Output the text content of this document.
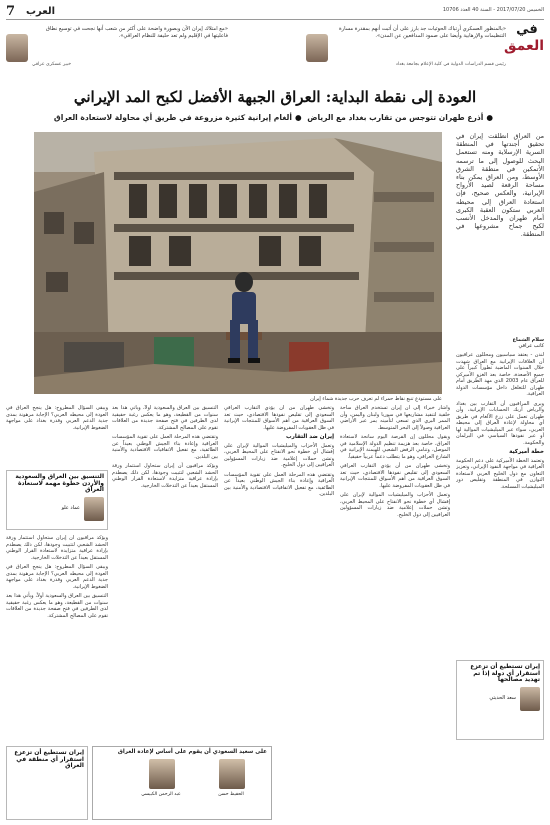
7 العرب	الخميس 2017/07/20 - السنة 40 العدد 10706
في
العمق
«بالمنظور العسكري أرتباك الحوثيات جد بارز على أن أثبت أنهم بمقدرة مسارة التنظيمات والإرهابية وأيضا على صمود المدافعين عن المدن».
رئيس قسم الدراسات الدولية في كلية الإعلام بجامعة بغداد
«مع امتلاك إيران الأن وبصورة واضحة على أكثر من شعب أنها نجحت في توسيع نطاق فاعليتها في الإقليم ولم تعد حليفة للنظام العراقي».
خبير عسكري عراقي
العودة إلى نقطة البداية: العراق الجبهة الأفضل لكبح المد الإيراني
●أذرع طهران تتوجس من تقارب بغداد مع الرياض ●ألغام إيرانية كثيرة مزروعة في طريق أي محاولة لاستعادة العراق
على مستودع تنبع نقاط حمراء لم تعرف حرب جديدة شماء إيران

من العراق انطلقت إيران في تحقيق أجندتها في المنطقة السرية الإرسلاية ومنه تستعمل البحث للوصول إلى ما ترسمه الأتمكين في منطقة الشرق الأوسط، ومن العراق يمكن بناء مساحة الرقعة لصيد الأرواح الإيرانية، والعكس صحيح، فإن استعادة العراق إلى محيطه العربي ستكون العقبة الكبرى أمام طهران والمدخل الأنسب لكبح جماح مشروعها في المنطقة.

سلام الشماع
كاتب عراقي

لندن - يعتقد سياسيون ومحللون عراقيون أن العلاقات الإيرانية مع العراق شهدت خلال السنوات الماضية تطوراً كبيراً على جميع الأصعدة، خاصة بعد الغزو الأميركي للعراق عام 2003 الذي مهد الطريق أمام طهران للتغلغل داخل مؤسسات الدولة العراقية.

ويرى المراقبون أن التقارب بين بغداد والرياض أربك الحسابات الإيرانية، وأن طهران تعمل على زرع الألغام في طريق أي محاولة لإعادة العراق إلى محيطه العربي، سواء عبر الميليشيات الموالية لها أو عبر نفوذها السياسي في البرلمان والحكومة.

خطة أميركية

وتعتمد الخطة الأميركية على دعم الحكومة العراقية في مواجهة النفوذ الإيراني، وتعزيز التعاون مع دول الخليج العربي لاستعادة التوازن في المنطقة وتقليص دور الميليشيات المسلحة.

إيران تستطيع أن تزعزع استقرار أي دولة إذا تم تهديد مصالحها
سعد الحديثي

وأشار خبراء إلى أن إيران تستخدم العراق ساحة خلفية لتنفيذ مشاريعها في سوريا ولبنان واليمن، وأن الممر البري الذي تسعى لتأمينه يمر عبر الأراضي العراقية وصولاً إلى البحر المتوسط.

ويقول محللون إن الفرصة اليوم سانحة لاستعادة العراق، خاصة بعد هزيمة تنظيم الدولة الإسلامية في الموصل، وتنامي الرفض الشعبي للهيمنة الإيرانية في الشارع العراقي، وهو ما يتطلب دعماً عربياً حقيقياً.

وتخشى طهران من أن يؤدي التقارب العراقي السعودي إلى تقليص نفوذها الاقتصادي، حيث تعد السوق العراقية من أهم الأسواق للمنتجات الإيرانية في ظل العقوبات المفروضة عليها.

وتعمل الأحزاب والميليشيات الموالية لإيران على إفشال أي خطوة نحو الانفتاح على المحيط العربي، وتشن حملات إعلامية ضد زيارات المسؤولين العراقيين إلى دول الخليج.

وتخشى طهران من أن يؤدي التقارب العراقي السعودي إلى تقليص نفوذها الاقتصادي، حيث تعد السوق العراقية من أهم الأسواق للمنتجات الإيرانية في ظل العقوبات المفروضة عليها.

إيران ضد التقارب

وتعمل الأحزاب والميليشيات الموالية لإيران على إفشال أي خطوة نحو الانفتاح على المحيط العربي، وتشن حملات إعلامية ضد زيارات المسؤولين العراقيين إلى دول الخليج.

وتقتضي هذه المرحلة العمل على تقوية المؤسسات العراقية وإعادة بناء الجيش الوطني بعيداً عن الطائفية، مع تفعيل الاتفاقيات الاقتصادية والأمنية بين البلدين.

التنسيق بين العراق والسعودية أولاً، ويأتي هذا بعد سنوات من القطيعة، وهو ما يعكس رغبة حقيقية لدى الطرفين في فتح صفحة جديدة من العلاقات تقوم على المصالح المشتركة.

وتقتضي هذه المرحلة العمل على تقوية المؤسسات العراقية وإعادة بناء الجيش الوطني بعيداً عن الطائفية، مع تفعيل الاتفاقيات الاقتصادية والأمنية بين البلدين.

ويؤكد مراقبون أن إيران ستحاول استثمار ورقة الحشد الشعبي لتثبيت وجودها، لكن ذلك يصطدم بإرادة عراقية متزايدة لاستعادة القرار الوطني المستقل بعيداً عن التدخلات الخارجية.

التنسيق بين العراق والسعودية والأردن خطوة مهمة لاستعادة العراق
عماد علو

ويبقى السؤال المطروح: هل ينجح العراق في العودة إلى محيطه العربي؟ الإجابة مرهونة بمدى جدية الدعم العربي وقدرة بغداد على مواجهة الضغوط الإيرانية.

ويؤكد مراقبون أن إيران ستحاول استثمار ورقة الحشد الشعبي لتثبيت وجودها، لكن ذلك يصطدم بإرادة عراقية متزايدة لاستعادة القرار الوطني المستقل بعيداً عن التدخلات الخارجية.

ويبقى السؤال المطروح: هل ينجح العراق في العودة إلى محيطه العربي؟ الإجابة مرهونة بمدى جدية الدعم العربي وقدرة بغداد على مواجهة الضغوط الإيرانية.

التنسيق بين العراق والسعودية أولاً، ويأتي هذا بعد سنوات من القطيعة، وهو ما يعكس رغبة حقيقية لدى الطرفين في فتح صفحة جديدة من العلاقات تقوم على المصالح المشتركة.

على سعيد السعودي أن يقوم على أساس لإعادة العراق
الحفيظ حسن
عبد الرحمن الكبيسي
إيران تستطيع أن تزعزع استقرار أي منطقة في العراق
